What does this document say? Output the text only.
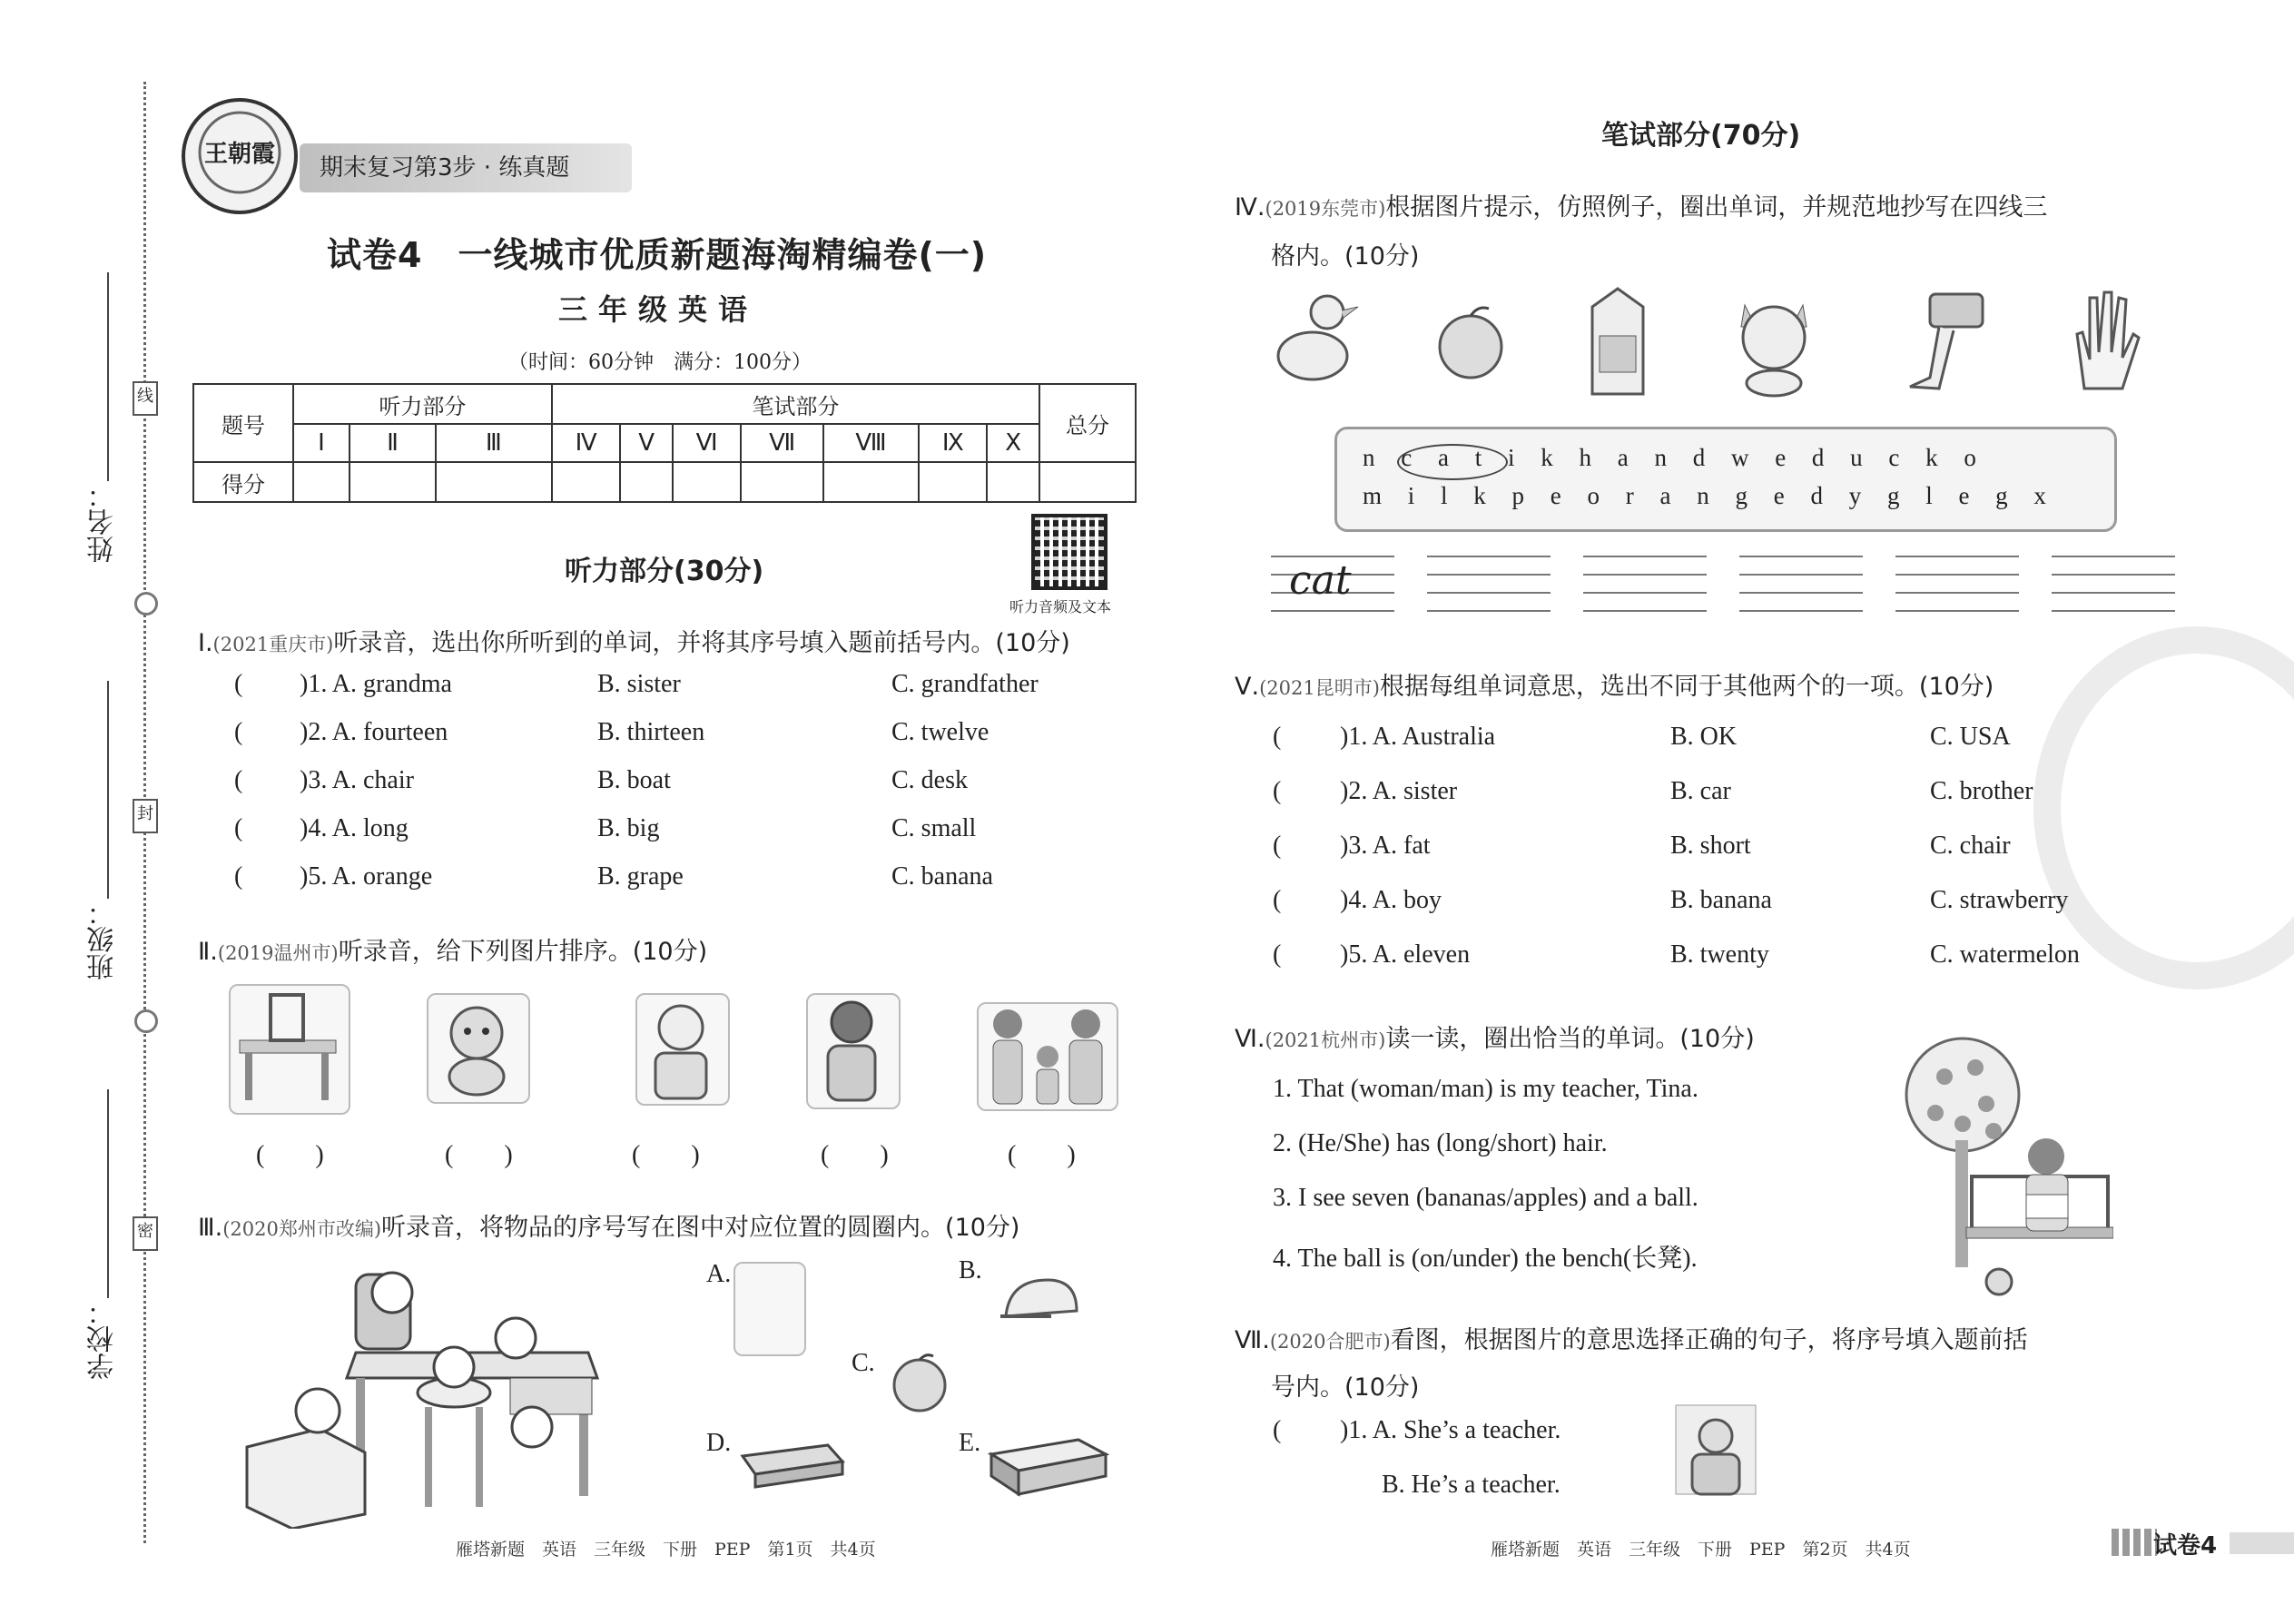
姓名：
班级：
学校：
线
封
密
王朝霞	期末复习第3步 · 练真题
试卷4　一线城市优质新题海淘精编卷(一)
三年级英语
（时间：60分钟　满分：100分）
题号	听力部分			笔试部分							总分
	Ⅰ	Ⅱ	Ⅲ	Ⅳ	Ⅴ	Ⅵ	Ⅶ	Ⅷ	Ⅸ	Ⅹ	
得分											
听力部分(30分)
听力音频及文本
Ⅰ.(2021重庆市)听录音，选出你所听到的单词，并将其序号填入题前括号内。(10分)
( )1. A. grandma	B. sister	C. grandfather
( )2. A. fourteen	B. thirteen	C. twelve
( )3. A. chair	B. boat	C. desk
( )4. A. long	B. big	C. small
( )5. A. orange	B. grape	C. banana
Ⅱ.(2019温州市)听录音，给下列图片排序。(10分)
(　　)	(　　)	(　　)	(　　)	(　　)
Ⅲ.(2020郑州市改编)听录音，将物品的序号写在图中对应位置的圆圈内。(10分)
A.	B.
C.
D.	E.
雁塔新题　英语　三年级　下册　PEP　第1页　共4页
笔试部分(70分)
Ⅳ.(2019东莞市)根据图片提示，仿照例子，圈出单词，并规范地抄写在四线三
格内。(10分)
n c a t i k h a n d w e d u c k o
m i l k p e o r a n g e d y g l e g x
cat
Ⅴ.(2021昆明市)根据每组单词意思，选出不同于其他两个的一项。(10分)
( )1. A. Australia	B. OK	C. USA
( )2. A. sister	B. car	C. brother
( )3. A. fat	B. short	C. chair
( )4. A. boy	B. banana	C. strawberry
( )5. A. eleven	B. twenty	C. watermelon
Ⅵ.(2021杭州市)读一读，圈出恰当的单词。(10分)
1. That (woman/man) is my teacher, Tina.
2. (He/She) has (long/short) hair.
3. I see seven (bananas/apples) and a ball.
4. The ball is (on/under) the bench(长凳).
Ⅶ.(2020合肥市)看图，根据图片的意思选择正确的句子，将序号填入题前括
号内。(10分)
( )1. A. She’s a teacher.
B. He’s a teacher.
雁塔新题　英语　三年级　下册　PEP　第2页　共4页	试卷4
